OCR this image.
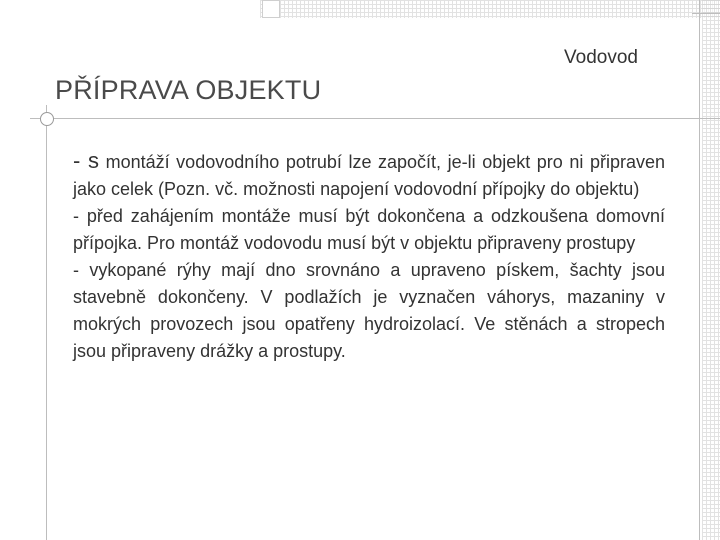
Vodovod
PŘÍPRAVA OBJEKTU

- s montáží vodovodního potrubí lze započít, je-li objekt pro ni připraven jako celek (Pozn. vč. možnosti napojení vodovodní přípojky do objektu)

- před zahájením montáže musí být dokončena a odzkoušena domovní přípojka. Pro montáž vodovodu musí být v objektu připraveny prostupy

- vykopané rýhy mají dno srovnáno a upraveno pískem, šachty jsou stavebně dokončeny. V podlažích je vyznačen váhorys, mazaniny v mokrých provozech jsou opatřeny hydroizolací. Ve stěnách a stropech jsou připraveny drážky a prostupy.
